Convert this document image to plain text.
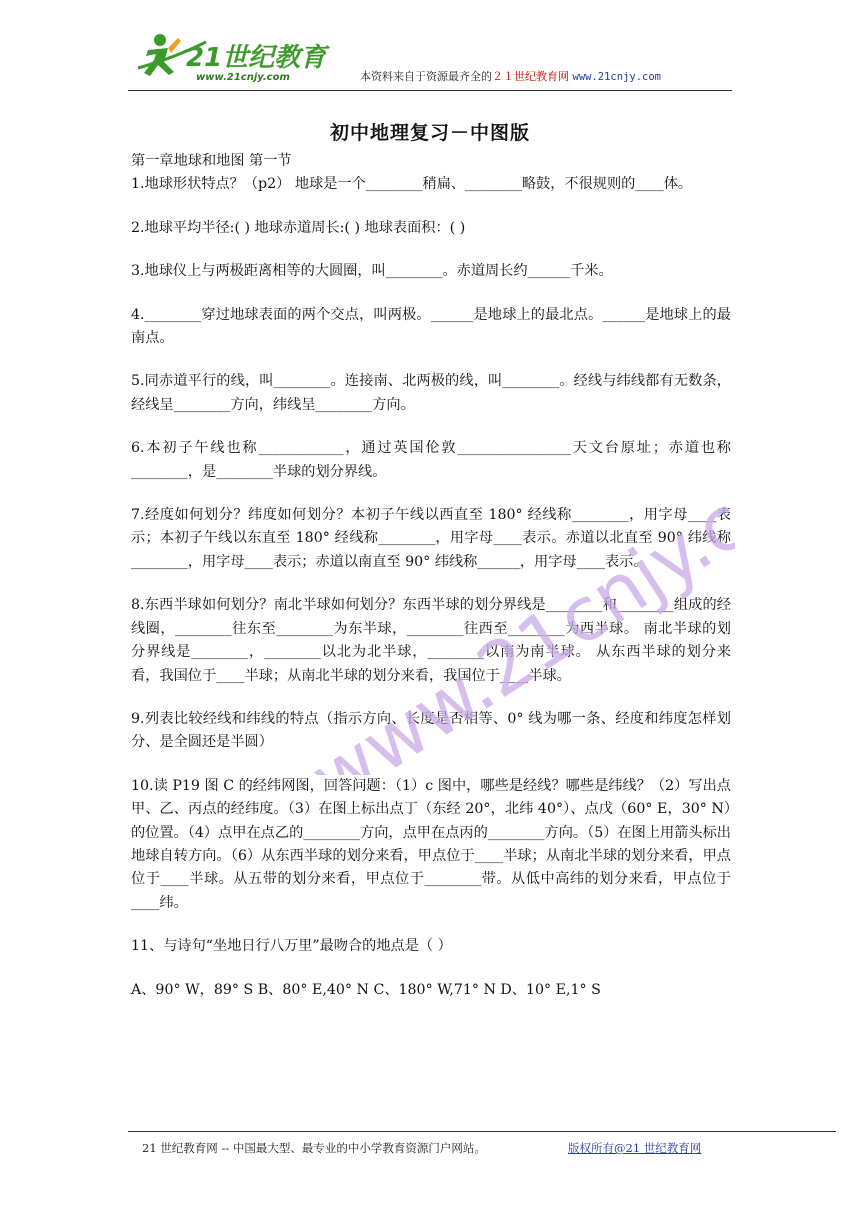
21世纪教育
www.21cnjy.com	本资料来自于资源最齐全的２１世纪教育网 www.21cnjy.com
初中地理复习－中图版

第一章地球和地图 第一节

1.地球形状特点？（p2） 地球是一个________稍扁、________略鼓，不很规则的____体。

2.地球平均半径:( ) 地球赤道周长:( ) 地球表面积：( )

3.地球仪上与两极距离相等的大圆圈，叫________。赤道周长约______千米。

4.________穿过地球表面的两个交点，叫两极。______是地球上的最北点。______是地球上的最南点。

5.同赤道平行的线，叫________。连接南、北两极的线，叫________。经线与纬线都有无数条，经线呈________方向，纬线呈________方向。

6.本初子午线也称____________，通过英国伦敦________________天文台原址；赤道也称________，是________半球的划分界线。

7.经度如何划分？纬度如何划分？本初子午线以西直至 180° 经线称________，用字母____表示；本初子午线以东直至 180° 经线称________，用字母____表示。赤道以北直至 90° 纬线称________，用字母____表示；赤道以南直至 90° 纬线称______，用字母____表示。

8.东西半球如何划分？南北半球如何划分？东西半球的划分界线是________和________组成的经线圈，________往东至________为东半球，________往西至________为西半球。 南北半球的划分界线是________，________以北为北半球，________以南为南半球。 从东西半球的划分来看，我国位于____半球；从南北半球的划分来看，我国位于____半球。

9.列表比较经线和纬线的特点（指示方向、长度是否相等、0° 线为哪一条、经度和纬度怎样划分、是全圆还是半圆）

10.读 P19 图 C 的经纬网图，回答问题：（1）c 图中，哪些是经线？哪些是纬线？（2）写出点甲、乙、丙点的经纬度。（3）在图上标出点丁（东经 20°，北纬 40°）、点戊（60° E，30° N）的位置。（4）点甲在点乙的________方向，点甲在点丙的________方向。（5）在图上用箭头标出地球自转方向。（6）从东西半球的划分来看，甲点位于____半球；从南北半球的划分来看，甲点位于____半球。从五带的划分来看，甲点位于________带。从低中高纬的划分来看，甲点位于____纬。

11、与诗句“坐地日行八万里”最吻合的地点是（ ）

A、90° W，89° S B、80° E,40° N C、180° W,71° N D、10° E,1° S

www.21cnjy.com
21 世纪教育网 -- 中国最大型、最专业的中小学教育资源门户网站。	版权所有@21 世纪教育网
